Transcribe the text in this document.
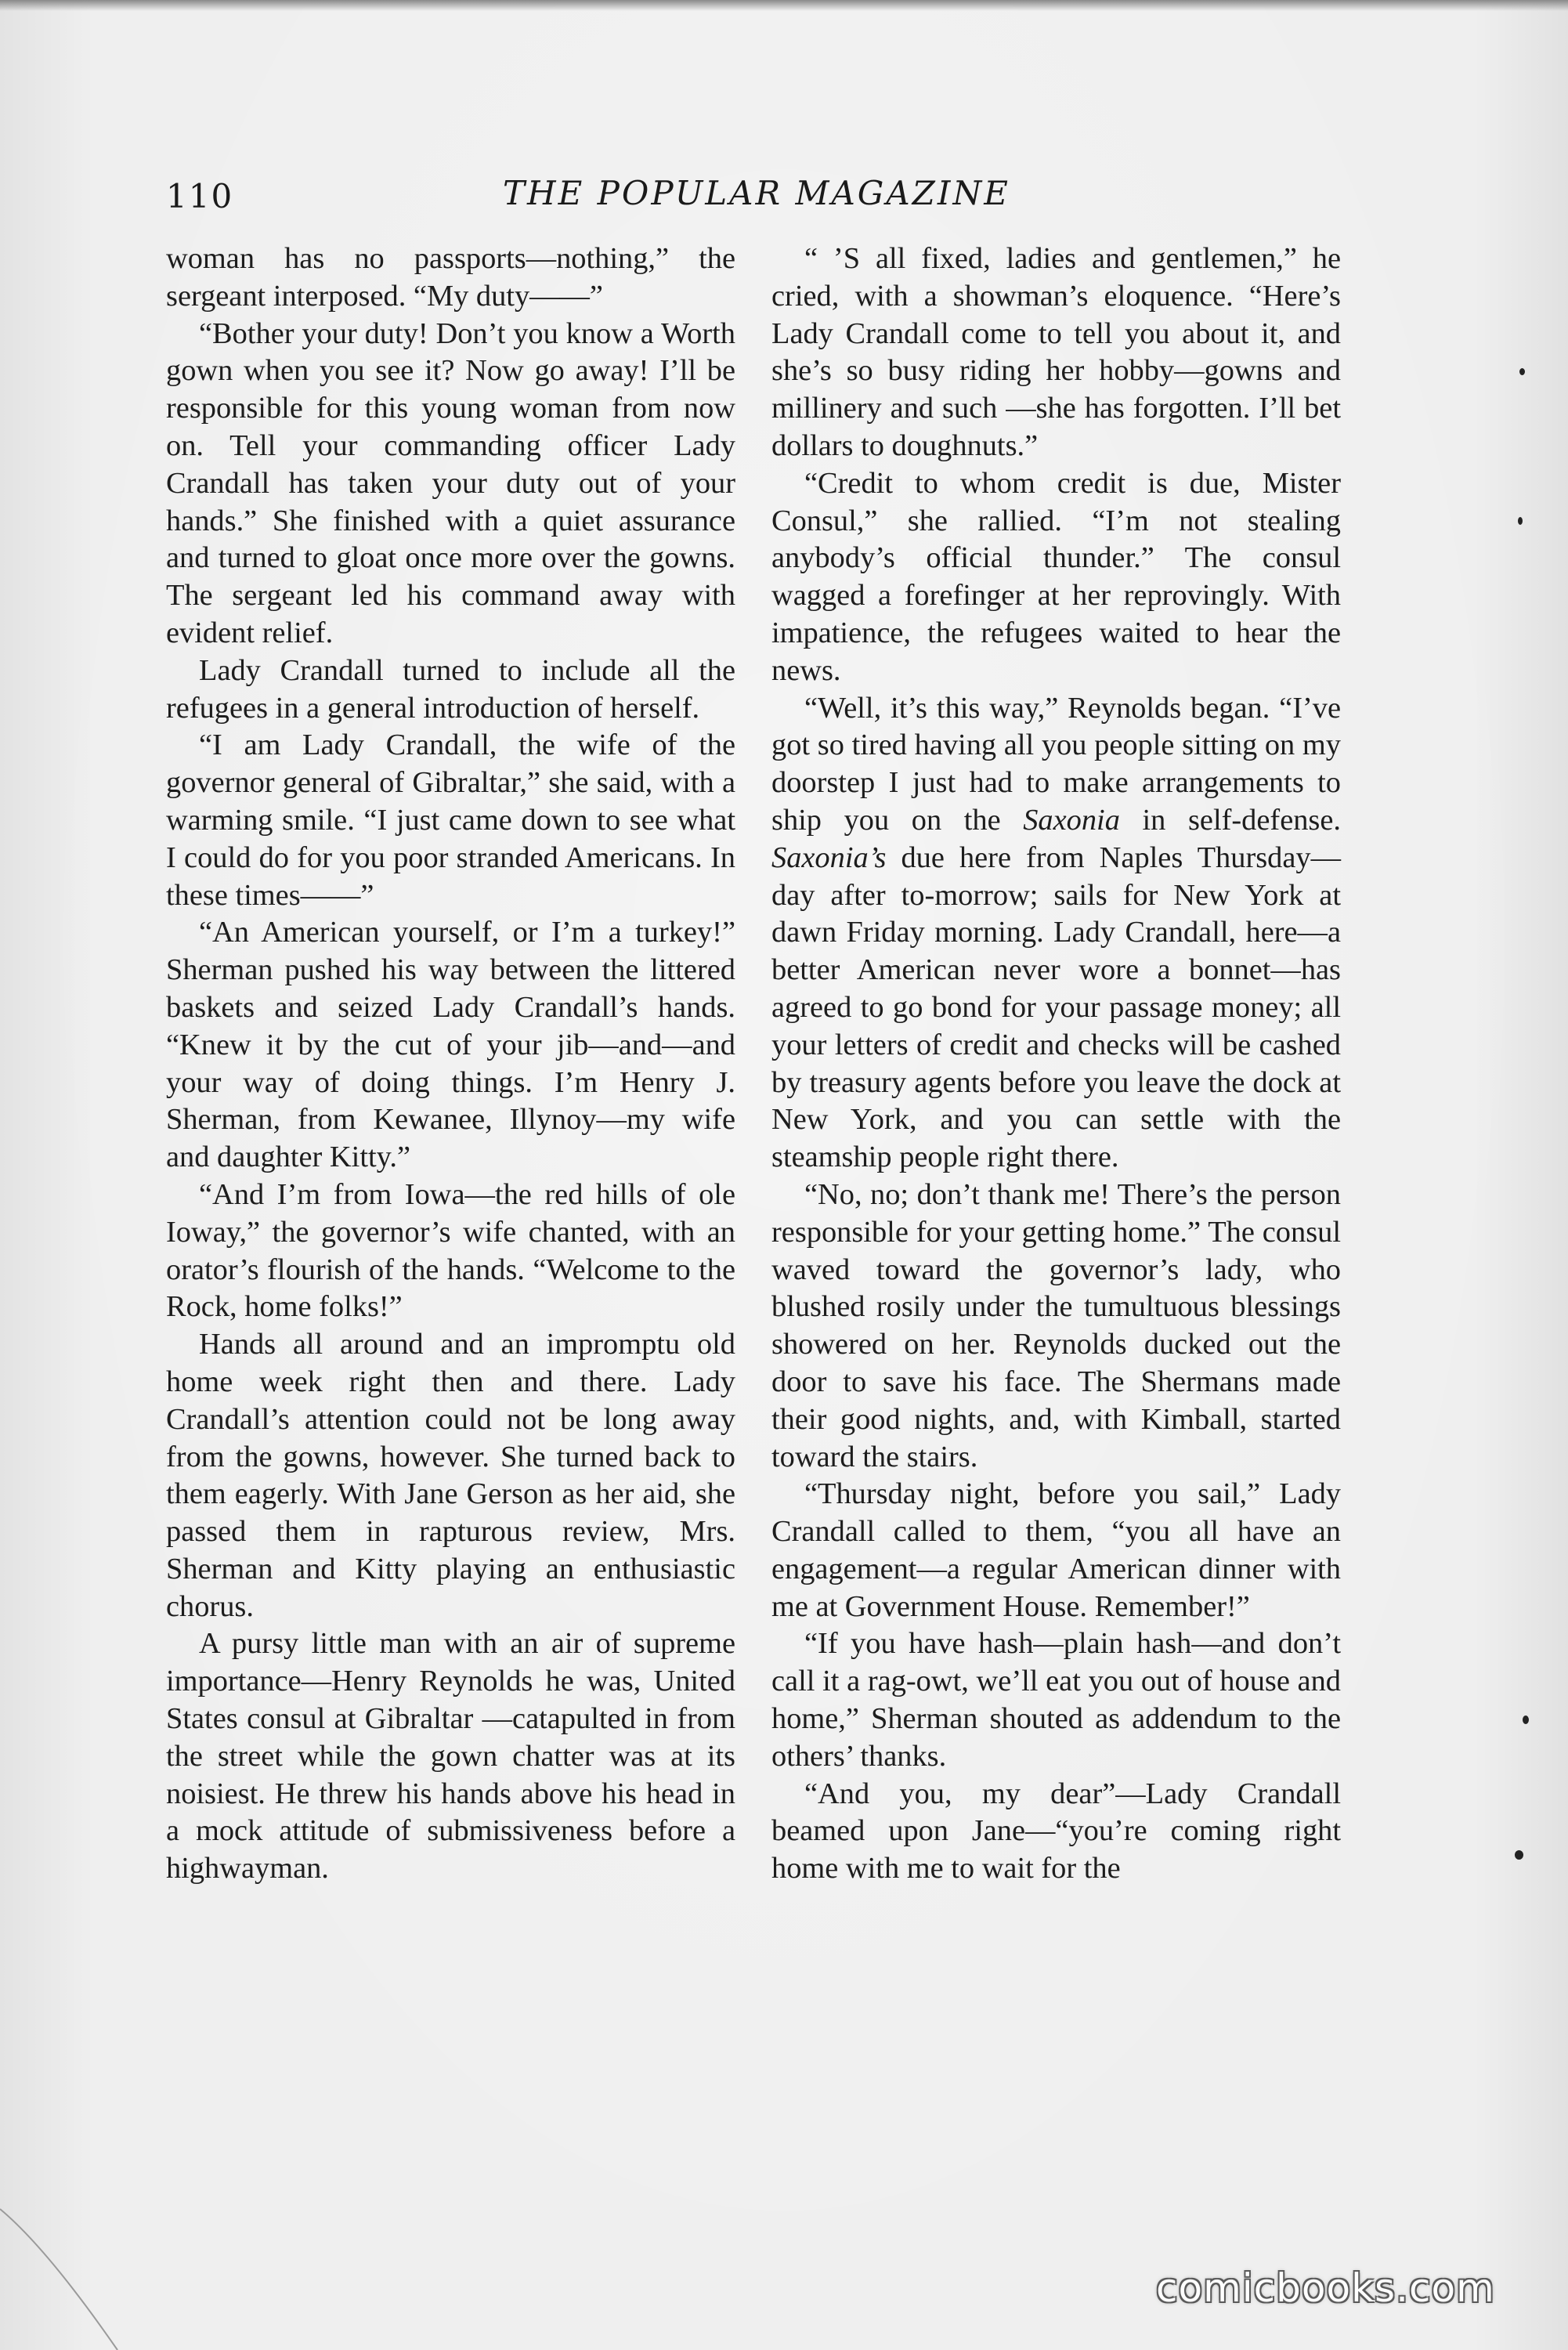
110	THE POPULAR MAGAZINE

woman has no passports—nothing,” the sergeant interposed. “My duty——”

“Bother your duty! Don’t you know a Worth gown when you see it? Now go away! I’ll be responsible for this young woman from now on. Tell your commanding officer Lady Crandall has taken your duty out of your hands.” She finished with a quiet assurance and turned to gloat once more over the gowns. The sergeant led his command away with evident relief.

Lady Crandall turned to include all the refugees in a general introduction of herself.

“I am Lady Crandall, the wife of the governor general of Gibraltar,” she said, with a warming smile. “I just came down to see what I could do for you poor stranded Americans. In these times——”

“An American yourself, or I’m a turkey!” Sherman pushed his way between the littered baskets and seized Lady Crandall’s hands. “Knew it by the cut of your jib—and—and your way of doing things. I’m Henry J. Sherman, from Kewanee, Illynoy—my wife and daughter Kitty.”

“And I’m from Iowa—the red hills of ole Ioway,” the governor’s wife chanted, with an orator’s flourish of the hands. “Welcome to the Rock, home folks!”

Hands all around and an impromptu old home week right then and there. Lady Crandall’s attention could not be long away from the gowns, however. She turned back to them eagerly. With Jane Gerson as her aid, she passed them in rapturous review, Mrs. Sherman and Kitty playing an enthusiastic chorus.

A pursy little man with an air of supreme importance—Henry Reynolds he was, United States consul at Gibraltar —catapulted in from the street while the gown chatter was at its noisiest. He threw his hands above his head in a mock attitude of submissiveness before a highwayman.

“ ’S all fixed, ladies and gentlemen,” he cried, with a showman’s eloquence. “Here’s Lady Crandall come to tell you about it, and she’s so busy riding her hobby—gowns and millinery and such —she has forgotten. I’ll bet dollars to doughnuts.”

“Credit to whom credit is due, Mister Consul,” she rallied. “I’m not stealing anybody’s official thunder.” The consul wagged a forefinger at her reprovingly. With impatience, the refugees waited to hear the news.

“Well, it’s this way,” Reynolds began. “I’ve got so tired having all you people sitting on my doorstep I just had to make arrangements to ship you on the Saxonia in self-defense. Saxonia’s due here from Naples Thursday—day after to-morrow; sails for New York at dawn Friday morning. Lady Crandall, here—a better American never wore a bonnet—has agreed to go bond for your passage money; all your letters of credit and checks will be cashed by treasury agents before you leave the dock at New York, and you can settle with the steamship people right there.

“No, no; don’t thank me! There’s the person responsible for your getting home.” The consul waved toward the governor’s lady, who blushed rosily under the tumultuous blessings showered on her. Reynolds ducked out the door to save his face. The Shermans made their good nights, and, with Kimball, started toward the stairs.

“Thursday night, before you sail,” Lady Crandall called to them, “you all have an engagement—a regular American dinner with me at Government House. Remember!”

“If you have hash—plain hash—and don’t call it a rag-owt, we’ll eat you out of house and home,” Sherman shouted as addendum to the others’ thanks.

“And you, my dear”—Lady Crandall beamed upon Jane—“you’re coming right home with me to wait for the

comicbooks.com
